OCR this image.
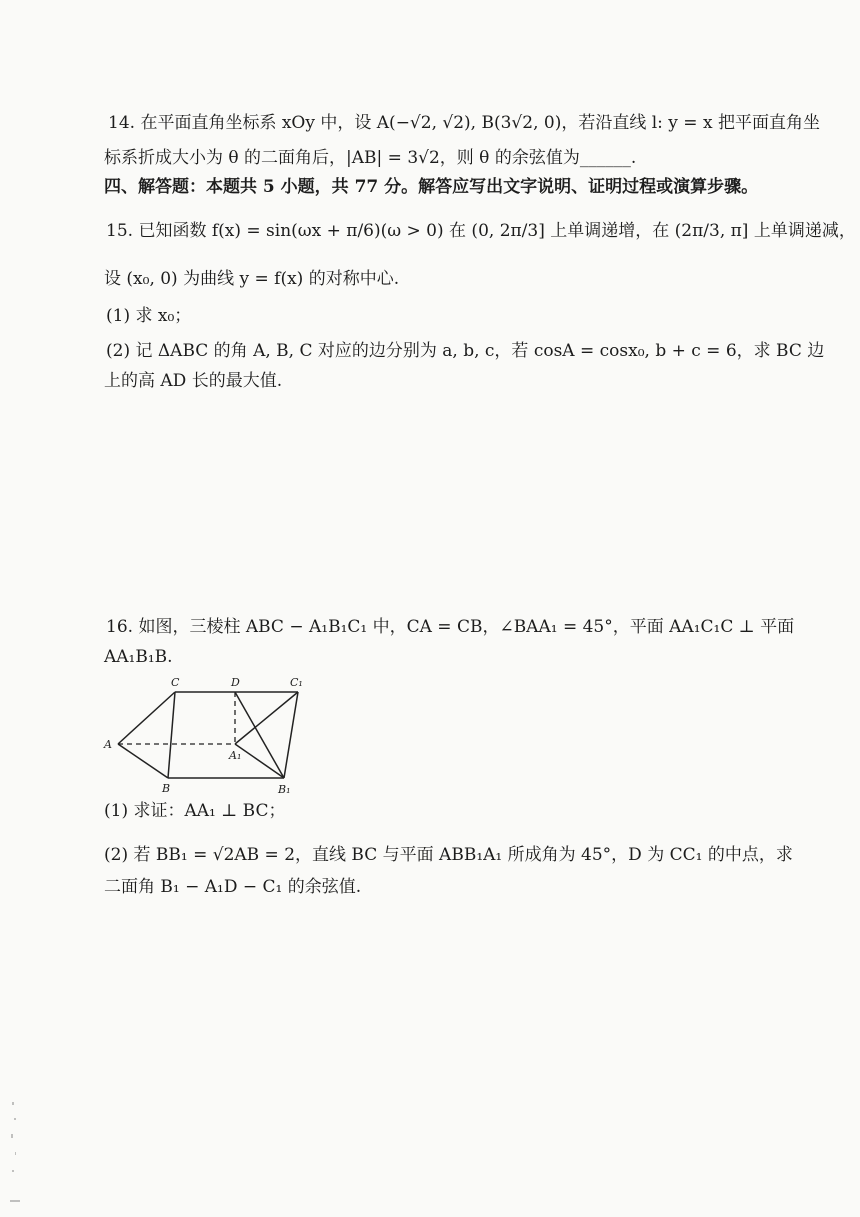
14. 在平面直角坐标系 xOy 中，设 A(−√2, √2), B(3√2, 0)，若沿直线 l: y = x 把平面直角坐
标系折成大小为 θ 的二面角后，|AB| = 3√2，则 θ 的余弦值为______.
四、解答题：本题共 5 小题，共 77 分。解答应写出文字说明、证明过程或演算步骤。
15. 已知函数 f(x) = sin(ωx + π/6)(ω > 0) 在 (0, 2π/3] 上单调递增，在 (2π/3, π] 上单调递减，
设 (x₀, 0) 为曲线 y = f(x) 的对称中心.
(1) 求 x₀；
(2) 记 ΔABC 的角 A, B, C 对应的边分别为 a, b, c，若 cosA = cosx₀, b + c = 6，求 BC 边
上的高 AD 长的最大值.
16. 如图，三棱柱 ABC − A₁B₁C₁ 中，CA = CB，∠BAA₁ = 45°，平面 AA₁C₁C ⊥ 平面
AA₁B₁B.
C	D	C₁
A
A₁
B	B₁
(1) 求证：AA₁ ⊥ BC；
(2) 若 BB₁ = √2AB = 2，直线 BC 与平面 ABB₁A₁ 所成角为 45°，D 为 CC₁ 的中点，求
二面角 B₁ − A₁D − C₁ 的余弦值.
